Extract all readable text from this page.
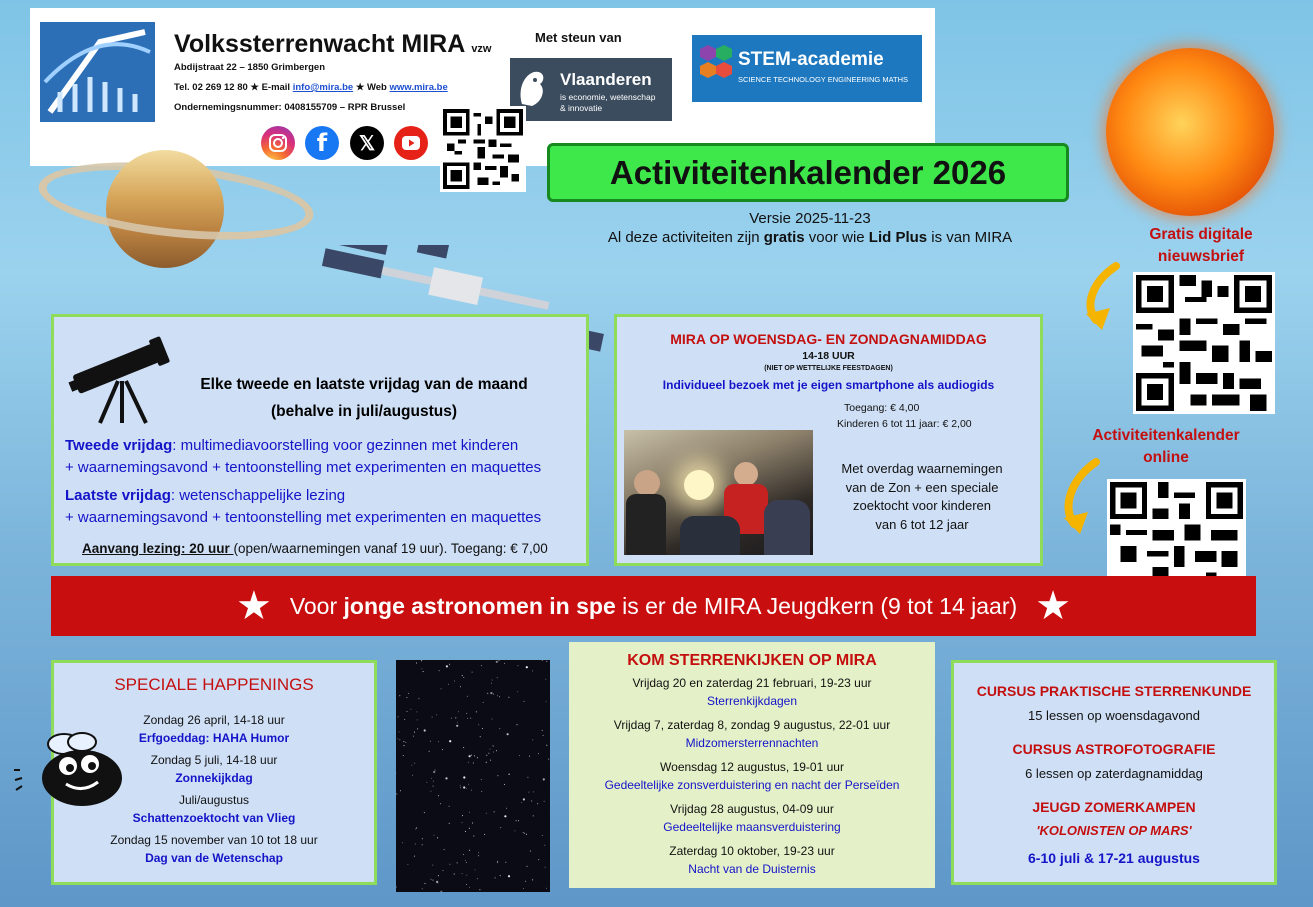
Volkssterrenwacht MIRA vzw
Abdijstraat 22 – 1850 Grimbergen
Tel. 02 269 12 80 ★ E-mail info@mira.be ★ Web www.mira.be
Ondernemingsnummer: 0408155709 – RPR Brussel
f	𝕏
Met steun van
Vlaanderen
is economie, wetenschap
& innovatie
STEM-academie
SCIENCE TECHNOLOGY ENGINEERING MATHS
Activiteitenkalender 2026
Versie 2025-11-23
Al deze activiteiten zijn gratis voor wie Lid Plus is van MIRA	Gratis digitale
nieuwsbrief
Activiteitenkalender
online
Elke tweede en laatste vrijdag van de maand
(behalve in juli/augustus)
Tweede vrijdag: multimediavoorstelling voor gezinnen met kinderen
+ waarnemingsavond + tentoonstelling met experimenten en maquettes
Laatste vrijdag: wetenschappelijke lezing
+ waarnemingsavond + tentoonstelling met experimenten en maquettes
Aanvang lezing: 20 uur (open/waarnemingen vanaf 19 uur). Toegang: € 7,00
MIRA OP WOENSDAG- EN ZONDAGNAMIDDAG
14-18 UUR
(NIET OP WETTELIJKE FEESTDAGEN)
Individueel bezoek met je eigen smartphone als audiogids
Toegang: € 4,00
Kinderen 6 tot 11 jaar: € 2,00
Met overdag waarnemingen
van de Zon + een speciale
zoektocht voor kinderen
van 6 tot 12 jaar
★ Voor jonge astronomen in spe is er de MIRA Jeugdkern (9 tot 14 jaar) ★
SPECIALE HAPPENINGS
Zondag 26 april, 14-18 uur
Erfgoeddag: HAHA Humor
Zondag 5 juli, 14-18 uur
Zonnekijkdag
Juli/augustus
Schattenzoektocht van Vlieg
Zondag 15 november van 10 tot 18 uur
Dag van de Wetenschap
KOM STERRENKIJKEN OP MIRA
Vrijdag 20 en zaterdag 21 februari, 19-23 uur
Sterrenkijkdagen
Vrijdag 7, zaterdag 8, zondag 9 augustus, 22-01 uur
Midzomersterrennachten
Woensdag 12 augustus, 19-01 uur
Gedeeltelijke zonsverduistering en nacht der Perseïden
Vrijdag 28 augustus, 04-09 uur
Gedeeltelijke maansverduistering
Zaterdag 10 oktober, 19-23 uur
Nacht van de Duisternis
CURSUS PRAKTISCHE STERRENKUNDE
15 lessen op woensdagavond
CURSUS ASTROFOTOGRAFIE
6 lessen op zaterdagnamiddag
JEUGD ZOMERKAMPEN
'KOLONISTEN OP MARS'
6-10 juli & 17-21 augustus
